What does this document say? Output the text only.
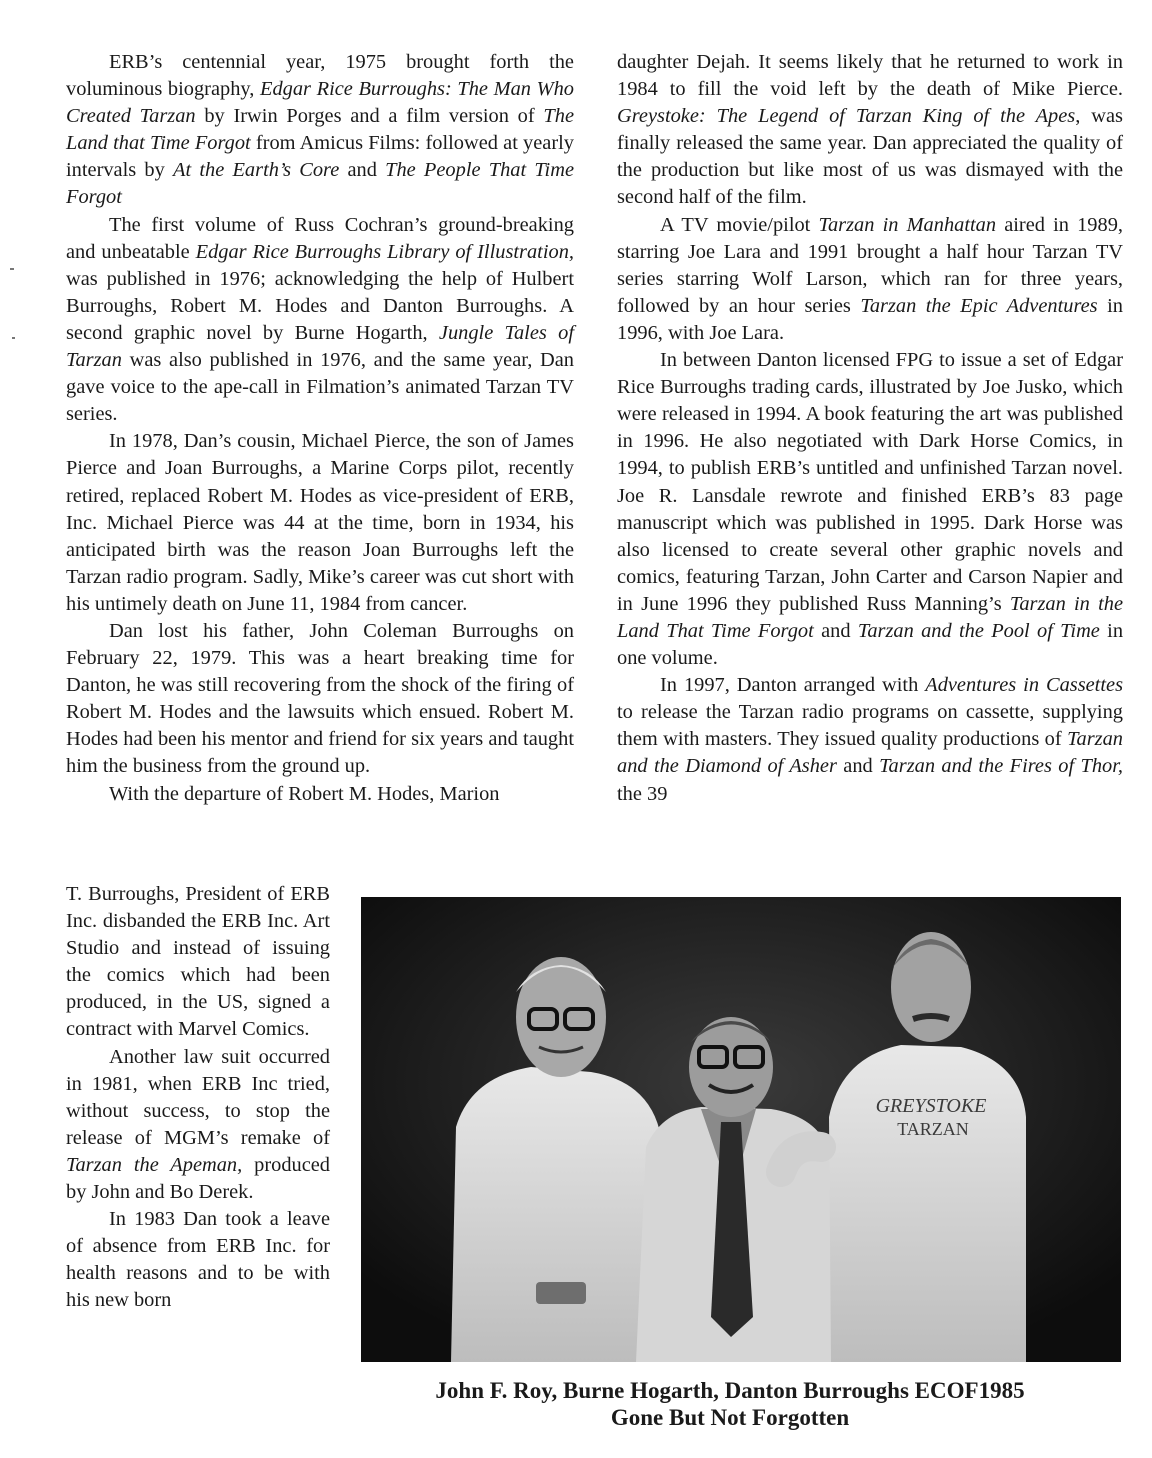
ERB’s centennial year, 1975 brought forth the voluminous biography, Edgar Rice Burroughs: The Man Who Created Tarzan by Irwin Porges and a film version of The Land that Time Forgot from Amicus Films: followed at yearly intervals by At the Earth’s Core and The People That Time Forgot

The first volume of Russ Cochran’s ground-breaking and unbeatable Edgar Rice Burroughs Library of Illustration, was published in 1976; acknowledging the help of Hulbert Burroughs, Robert M. Hodes and Danton Burroughs. A second graphic novel by Burne Hogarth, Jungle Tales of Tarzan was also published in 1976, and the same year, Dan gave voice to the ape-call in Filmation’s animated Tarzan TV series.

In 1978, Dan’s cousin, Michael Pierce, the son of James Pierce and Joan Burroughs, a Marine Corps pilot, recently retired, replaced Robert M. Hodes as vice-president of ERB, Inc. Michael Pierce was 44 at the time, born in 1934, his anticipated birth was the reason Joan Burroughs left the Tarzan radio program. Sadly, Mike’s career was cut short with his untimely death on June 11, 1984 from cancer.

Dan lost his father, John Coleman Burroughs on February 22, 1979. This was a heart breaking time for Danton, he was still recovering from the shock of the firing of Robert M. Hodes and the lawsuits which ensued. Robert M. Hodes had been his mentor and friend for six years and taught him the business from the ground up.

With the departure of Robert M. Hodes, Marion

T. Burroughs, President of ERB Inc. disbanded the ERB Inc. Art Studio and instead of issuing the comics which had been produced, in the US, signed a contract with Marvel Comics.

Another law suit occurred in 1981, when ERB Inc tried, without success, to stop the release of MGM’s remake of Tarzan the Apeman, produced by John and Bo Derek.

In 1983 Dan took a leave of absence from ERB Inc. for health reasons and to be with his new born

daughter Dejah. It seems likely that he returned to work in 1984 to fill the void left by the death of Mike Pierce. Greystoke: The Legend of Tarzan King of the Apes, was finally released the same year. Dan appreciated the quality of the production but like most of us was dismayed with the second half of the film.

A TV movie/pilot Tarzan in Manhattan aired in 1989, starring Joe Lara and 1991 brought a half hour Tarzan TV series starring Wolf Larson, which ran for three years, followed by an hour series Tarzan the Epic Adventures in 1996, with Joe Lara.

In between Danton licensed FPG to issue a set of Edgar Rice Burroughs trading cards, illustrated by Joe Jusko, which were released in 1994. A book featuring the art was published in 1996. He also negotiated with Dark Horse Comics, in 1994, to publish ERB’s untitled and unfinished Tarzan novel. Joe R. Lansdale rewrote and finished ERB’s 83 page manuscript which was published in 1995. Dark Horse was also licensed to create several other graphic novels and comics, featuring Tarzan, John Carter and Carson Napier and in June 1996 they published Russ Manning’s Tarzan in the Land That Time Forgot and Tarzan and the Pool of Time in one volume.

In 1997, Danton arranged with Adventures in Cassettes to release the Tarzan radio programs on cassette, supplying them with masters. They issued quality productions of Tarzan and the Diamond of Asher and Tarzan and the Fires of Thor, the 39

GREYSTOKE
TARZAN
John F. Roy, Burne Hogarth, Danton Burroughs ECOF1985
Gone But Not Forgotten
